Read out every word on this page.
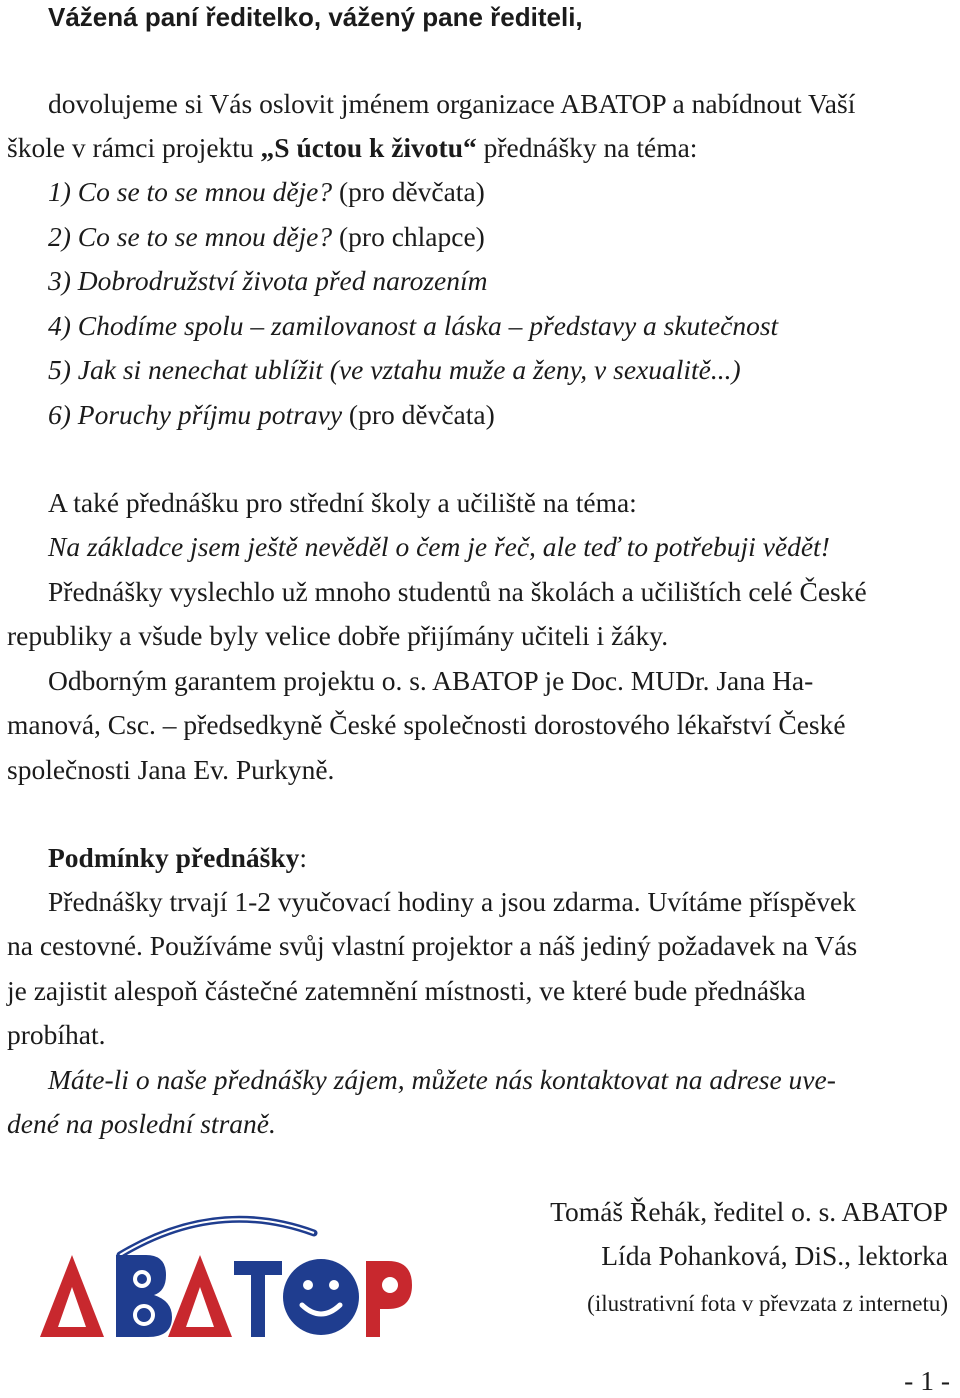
Vážená paní ředitelko, vážený pane řediteli,
dovolujeme si Vás oslovit jménem organizace ABATOP a nabídnout Vaší
škole v rámci projektu „S úctou k životu“ přednášky na téma:
1) Co se to se mnou děje? (pro děvčata)
2) Co se to se mnou děje? (pro chlapce)
3) Dobrodružství života před narozením
4) Chodíme spolu – zamilovanost a láska – představy a skutečnost
5) Jak si nenechat ublížit (ve vztahu muže a ženy, v sexualitě...)
6) Poruchy příjmu potravy (pro děvčata)
A také přednášku pro střední školy a učiliště na téma:
Na základce jsem ještě nevěděl o čem je řeč, ale teď to potřebuji vědět!
Přednášky vyslechlo už mnoho studentů na školách a učilištích celé České
republiky a všude byly velice dobře přijímány učiteli i žáky.
Odborným garantem projektu o. s. ABATOP je Doc. MUDr. Jana Ha-
manová, Csc. – předsedkyně České společnosti dorostového lékařství České
společnosti Jana Ev. Purkyně.
Podmínky přednášky:
Přednášky trvají 1-2 vyučovací hodiny a jsou zdarma. Uvítáme příspěvek
na cestovné. Používáme svůj vlastní projektor a náš jediný požadavek na Vás
je zajistit alespoň částečné zatemnění místnosti, ve které bude přednáška
probíhat.
Máte-li o naše přednášky zájem, můžete nás kontaktovat na adrese uve-
dené na poslední straně.
Tomáš Řehák, ředitel o. s. ABATOP
Lída Pohanková, DiS., lektorka
(ilustrativní fota v převzata z internetu)
- 1 -
